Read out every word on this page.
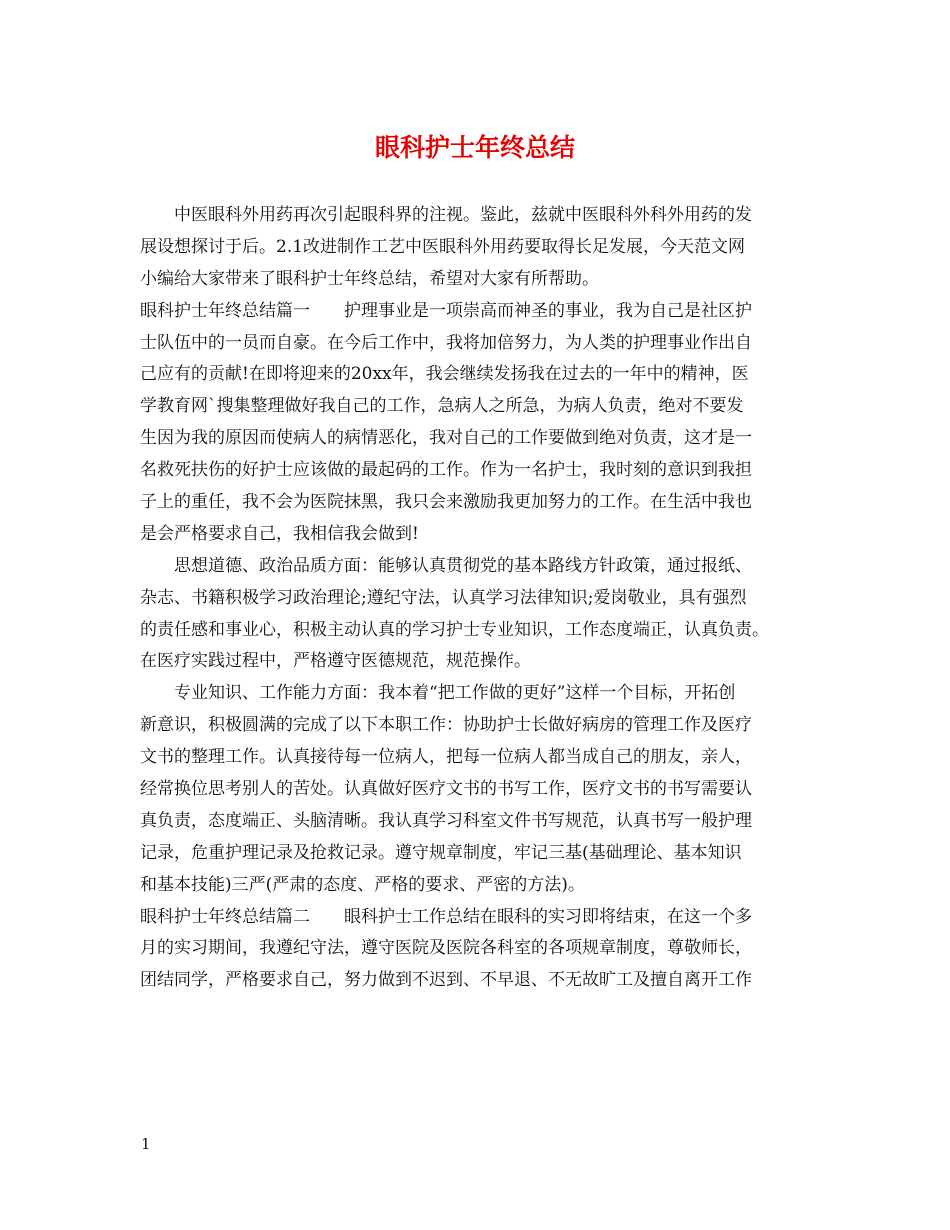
眼科护士年终总结
中医眼科外用药再次引起眼科界的注视。鉴此，兹就中医眼科外科外用药的发
展设想探讨于后。2.1改进制作工艺中医眼科外用药要取得长足发展，今天范文网
小编给大家带来了眼科护士年终总结，希望对大家有所帮助。
眼科护士年终总结篇一　　护理事业是一项崇高而神圣的事业，我为自己是社区护
士队伍中的一员而自豪。在今后工作中，我将加倍努力，为人类的护理事业作出自
己应有的贡献!在即将迎来的20xx年，我会继续发扬我在过去的一年中的精神，医
学教育网`搜集整理做好我自己的工作，急病人之所急，为病人负责，绝对不要发
生因为我的原因而使病人的病情恶化，我对自己的工作要做到绝对负责，这才是一
名救死扶伤的好护士应该做的最起码的工作。作为一名护士，我时刻的意识到我担
子上的重任，我不会为医院抹黑，我只会来激励我更加努力的工作。在生活中我也
是会严格要求自己，我相信我会做到!
思想道德、政治品质方面：能够认真贯彻党的基本路线方针政策，通过报纸、
杂志、书籍积极学习政治理论;遵纪守法，认真学习法律知识;爱岗敬业，具有强烈
的责任感和事业心，积极主动认真的学习护士专业知识，工作态度端正，认真负责。
在医疗实践过程中，严格遵守医德规范，规范操作。
专业知识、工作能力方面：我本着“把工作做的更好”这样一个目标，开拓创
新意识，积极圆满的完成了以下本职工作：协助护士长做好病房的管理工作及医疗
文书的整理工作。认真接待每一位病人，把每一位病人都当成自己的朋友，亲人，
经常换位思考别人的苦处。认真做好医疗文书的书写工作，医疗文书的书写需要认
真负责，态度端正、头脑清晰。我认真学习科室文件书写规范，认真书写一般护理
记录，危重护理记录及抢救记录。遵守规章制度，牢记三基(基础理论、基本知识
和基本技能)三严(严肃的态度、严格的要求、严密的方法)。
眼科护士年终总结篇二　　眼科护士工作总结在眼科的实习即将结束，在这一个多
月的实习期间，我遵纪守法，遵守医院及医院各科室的各项规章制度，尊敬师长，
团结同学，严格要求自己，努力做到不迟到、不早退、不无故旷工及擅自离开工作
1
